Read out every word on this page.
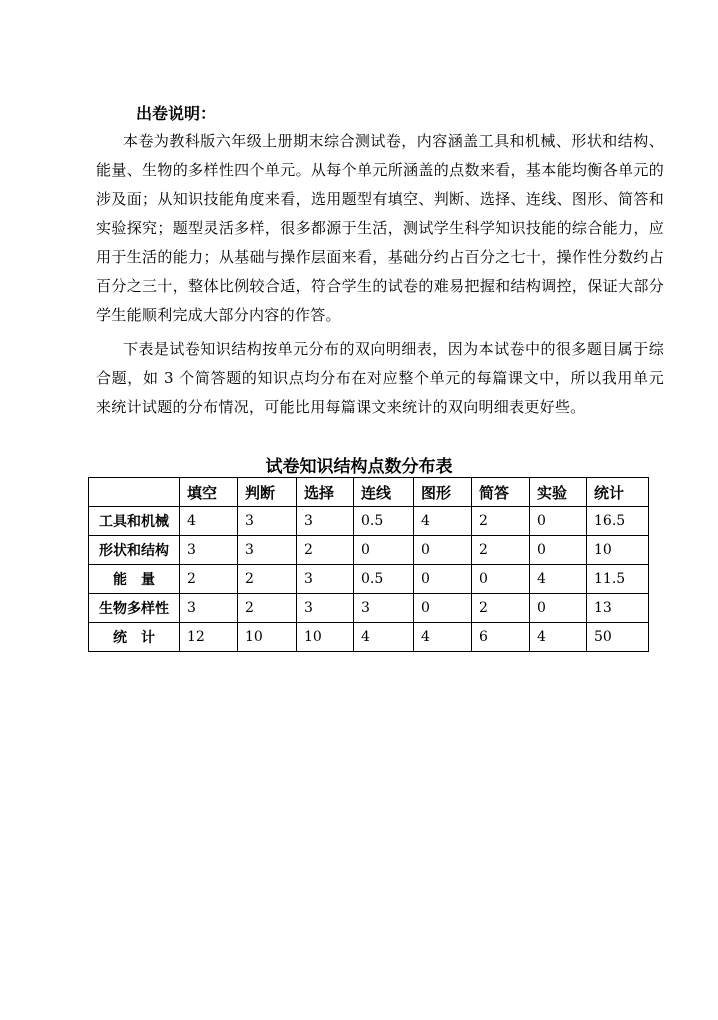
出卷说明：

本卷为教科版六年级上册期末综合测试卷，内容涵盖工具和机械、形状和结构、能量、生物的多样性四个单元。从每个单元所涵盖的点数来看，基本能均衡各单元的涉及面；从知识技能角度来看，选用题型有填空、判断、选择、连线、图形、简答和实验探究；题型灵活多样，很多都源于生活，测试学生科学知识技能的综合能力，应用于生活的能力；从基础与操作层面来看，基础分约占百分之七十，操作性分数约占百分之三十，整体比例较合适，符合学生的试卷的难易把握和结构调控，保证大部分学生能顺利完成大部分内容的作答。

下表是试卷知识结构按单元分布的双向明细表，因为本试卷中的很多题目属于综合题，如 3 个简答题的知识点均分布在对应整个单元的每篇课文中，所以我用单元来统计试题的分布情况，可能比用每篇课文来统计的双向明细表更好些。

试卷知识结构点数分布表
	填空	判断	选择	连线	图形	简答	实验	统计
工具和机械	4	3	3	0.5	4	2	0	16.5
形状和结构	3	3	2	0	0	2	0	10
能　量	2	2	3	0.5	0	0	4	11.5
生物多样性	3	2	3	3	0	2	0	13
统　计	12	10	10	4	4	6	4	50
